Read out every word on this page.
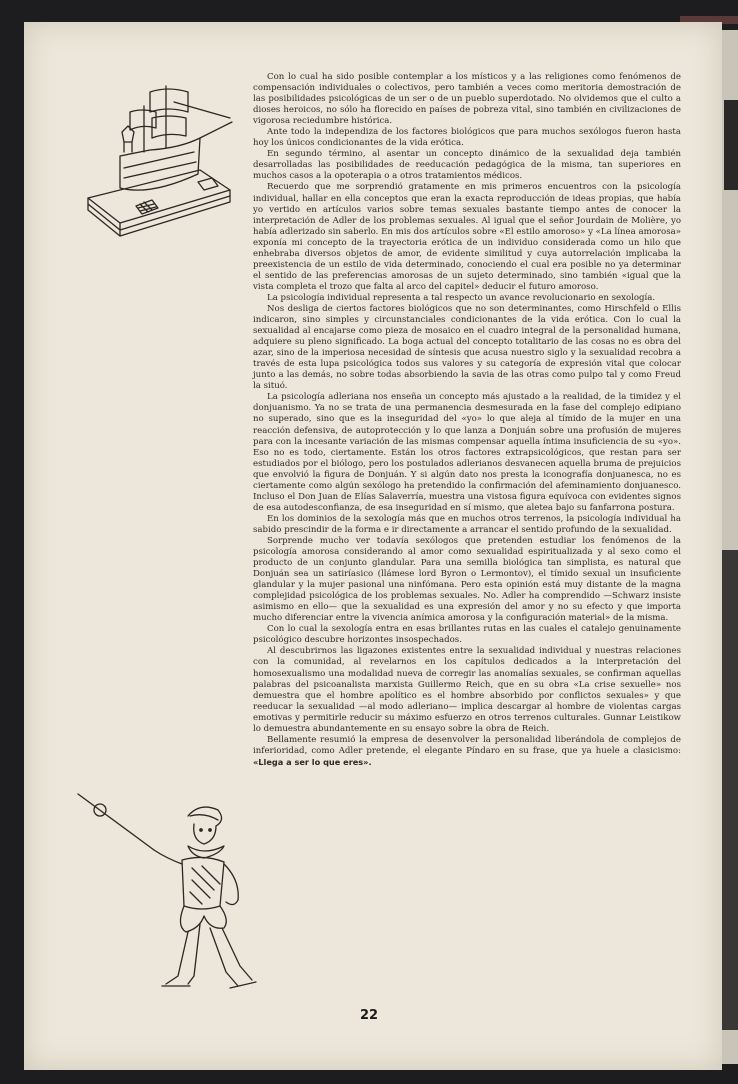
Con lo cual ha sido posible contemplar a los místicos y a las religiones como fenómenos de compensación individuales o colectivos, pero también a veces como meritoria demostración de las posibilidades psicológicas de un ser o de un pueblo superdotado. No olvidemos que el culto a dioses heroicos, no sólo ha florecido en países de pobreza vital, sino también en civilizaciones de vigorosa reciedumbre histórica.

Ante todo la independiza de los factores biológicos que para muchos sexólogos fueron hasta hoy los únicos condicionantes de la vida erótica.

En segundo término, al asentar un concepto dinámico de la sexualidad deja también desarrolladas las posibilidades de reeducación pedagógica de la misma, tan superiores en muchos casos a la opoterapia o a otros tratamientos médicos.

Recuerdo que me sorprendió gratamente en mis primeros encuentros con la psicología individual, hallar en ella conceptos que eran la exacta reproducción de ideas propias, que había yo vertido en artículos varios sobre temas sexuales bastante tiempo antes de conocer la interpretación de Adler de los problemas sexuales. Al igual que el señor Jourdain de Molière, yo había adlerizado sin saberlo. En mis dos artículos sobre «El estilo amoroso» y «La línea amorosa» exponía mi concepto de la trayectoria erótica de un individuo considerada como un hilo que enhebraba diversos objetos de amor, de evidente similitud y cuya autorrelación implicaba la preexistencia de un estilo de vida determinado, conociendo el cual era posible no ya determinar el sentido de las preferencias amorosas de un sujeto determinado, sino también «igual que la vista completa el trozo que falta al arco del capitel» deducir el futuro amoroso.

La psicología individual representa a tal respecto un avance revolucionario en sexología.

Nos desliga de ciertos factores biológicos que no son determinantes, como Hirschfeld o Ellis indicaron, sino simples y circunstanciales condicionantes de la vida erótica. Con lo cual la sexualidad al encajarse como pieza de mosaico en el cuadro integral de la personalidad humana, adquiere su pleno significado. La boga actual del concepto totalitario de las cosas no es obra del azar, sino de la imperiosa necesidad de síntesis que acusa nuestro siglo y la sexualidad recobra a través de esta lupa psicológica todos sus valores y su categoría de expresión vital que colocar junto a las demás, no sobre todas absorbiendo la savia de las otras como pulpo tal y como Freud la situó.

La psicología adleriana nos enseña un concepto más ajustado a la realidad, de la timidez y el donjuanismo. Ya no se trata de una permanencia desmesurada en la fase del complejo edipiano no superado, sino que es la inseguridad del «yo» lo que aleja al tímido de la mujer en una reacción defensiva, de autoprotección y lo que lanza a Donjuán sobre una profusión de mujeres para con la incesante variación de las mismas compensar aquella íntima insuficiencia de su «yo». Eso no es todo, ciertamente. Están los otros factores extrapsicológicos, que restan para ser estudiados por el biólogo, pero los postulados adlerianos desvanecen aquella bruma de prejuicios que envolvió la figura de Donjuán. Y si algún dato nos presta la iconografía donjuanesca, no es ciertamente como algún sexólogo ha pretendido la confirmación del afeminamiento donjuanesco. Incluso el Don Juan de Elías Salaverría, muestra una vistosa figura equívoca con evidentes signos de esa autodesconfianza, de esa inseguridad en sí mismo, que aletea bajo su fanfarrona postura.

En los dominios de la sexología más que en muchos otros terrenos, la psicología individual ha sabido prescindir de la forma e ir directamente a arrancar el sentido profundo de la sexualidad.

Sorprende mucho ver todavía sexólogos que pretenden estudiar los fenómenos de la psicología amorosa considerando al amor como sexualidad espiritualizada y al sexo como el producto de un conjunto glandular. Para una semilla biológica tan simplista, es natural que Donjuán sea un satiríasico (llámese lord Byron o Lermontov), el tímido sexual un insuficiente glandular y la mujer pasional una ninfómana. Pero esta opinión está muy distante de la magna complejidad psicológica de los problemas sexuales. No. Adler ha comprendido —Schwarz insiste asimismo en ello— que la sexualidad es una expresión del amor y no su efecto y que importa mucho diferenciar entre la vivencia anímica amorosa y la configuración material» de la misma.

Con lo cual la sexología entra en esas brillantes rutas en las cuales el catalejo genuinamente psicológico descubre horizontes insospechados.

Al descubrirnos las ligazones existentes entre la sexualidad individual y nuestras relaciones con la comunidad, al revelarnos en los capítulos dedicados a la interpretación del homosexualismo una modalidad nueva de corregir las anomalías sexuales, se confirman aquellas palabras del psicoanalista marxista Guillermo Reich, que en su obra «La crise sexuelle» nos demuestra que el hombre apolítico es el hombre absorbido por conflictos sexuales» y que reeducar la sexualidad —al modo adleriano— implica descargar al hombre de violentas cargas emotivas y permitirle reducir su máximo esfuerzo en otros terrenos culturales. Gunnar Leistikow lo demuestra abundantemente en su ensayo sobre la obra de Reich.

Bellamente resumió la empresa de desenvolver la personalidad liberándola de complejos de inferioridad, como Adler pretende, el elegante Píndaro en su frase, que ya huele a clasicismo: «Llega a ser lo que eres».

22
